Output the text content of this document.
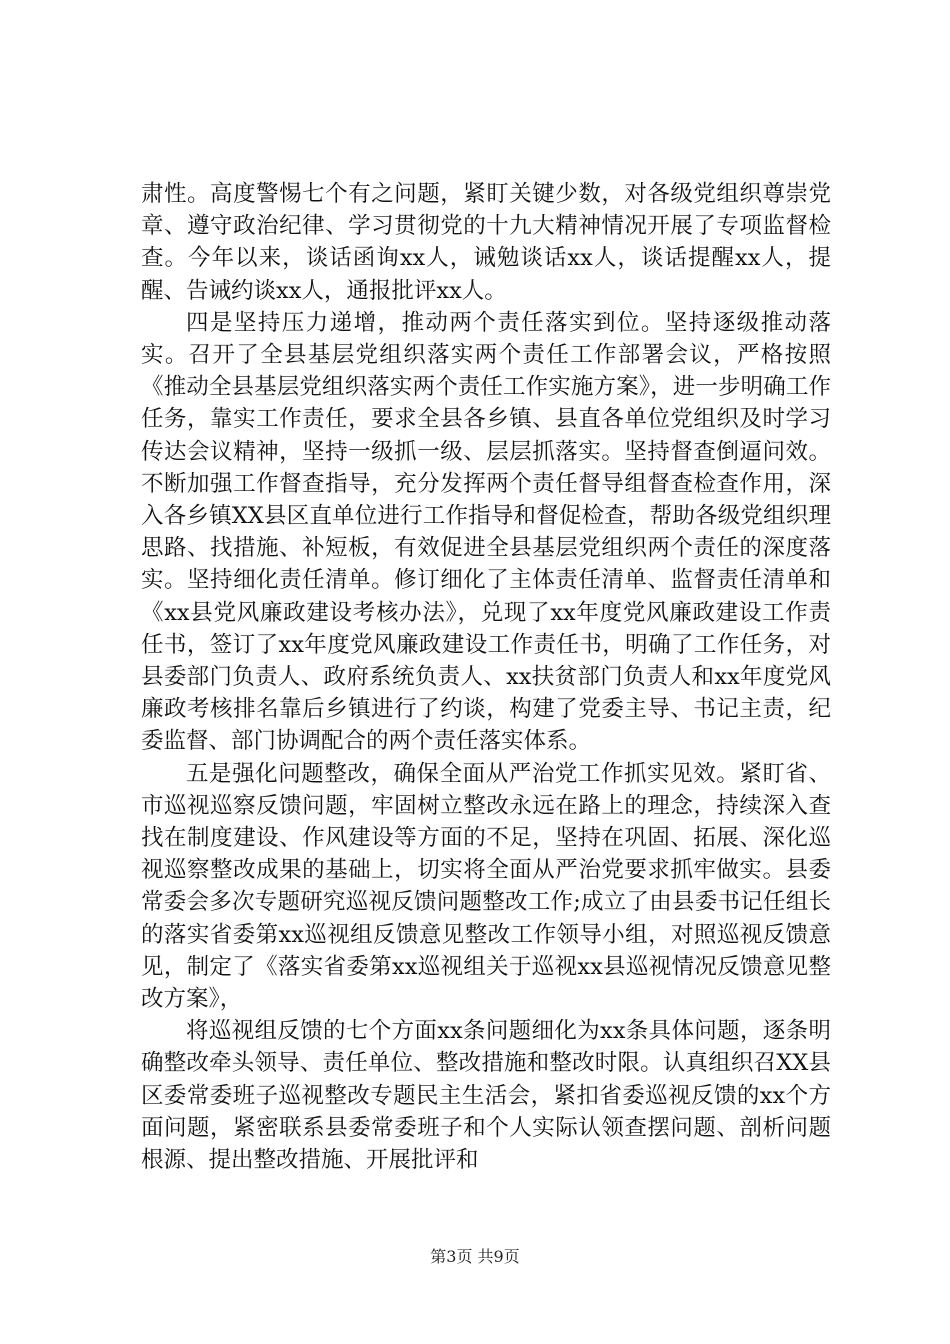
肃性。高度警惕七个有之问题，紧盯关键少数，对各级党组织尊崇党章、遵守政治纪律、学习贯彻党的十九大精神情况开展了专项监督检查。今年以来，谈话函询xx人，诫勉谈话xx人，谈话提醒xx人，提醒、告诫约谈xx人，通报批评xx人。

四是坚持压力递增，推动两个责任落实到位。坚持逐级推动落实。召开了全县基层党组织落实两个责任工作部署会议，严格按照《推动全县基层党组织落实两个责任工作实施方案》，进一步明确工作任务，靠实工作责任，要求全县各乡镇、县直各单位党组织及时学习传达会议精神，坚持一级抓一级、层层抓落实。坚持督查倒逼问效。不断加强工作督查指导，充分发挥两个责任督导组督查检查作用，深入各乡镇XX县区直单位进行工作指导和督促检查，帮助各级党组织理思路、找措施、补短板，有效促进全县基层党组织两个责任的深度落实。坚持细化责任清单。修订细化了主体责任清单、监督责任清单和《xx县党风廉政建设考核办法》，兑现了xx年度党风廉政建设工作责任书，签订了xx年度党风廉政建设工作责任书，明确了工作任务，对县委部门负责人、政府系统负责人、xx扶贫部门负责人和xx年度党风廉政考核排名靠后乡镇进行了约谈，构建了党委主导、书记主责，纪委监督、部门协调配合的两个责任落实体系。

五是强化问题整改，确保全面从严治党工作抓实见效。紧盯省、市巡视巡察反馈问题，牢固树立整改永远在路上的理念，持续深入查找在制度建设、作风建设等方面的不足，坚持在巩固、拓展、深化巡视巡察整改成果的基础上，切实将全面从严治党要求抓牢做实。县委常委会多次专题研究巡视反馈问题整改工作;成立了由县委书记任组长的落实省委第xx巡视组反馈意见整改工作领导小组，对照巡视反馈意见，制定了《落实省委第xx巡视组关于巡视xx县巡视情况反馈意见整改方案》，

将巡视组反馈的七个方面xx条问题细化为xx条具体问题，逐条明确整改牵头领导、责任单位、整改措施和整改时限。认真组织召XX县区委常委班子巡视整改专题民主生活会，紧扣省委巡视反馈的xx个方面问题，紧密联系县委常委班子和个人实际认领查摆问题、剖析问题根源、提出整改措施、开展批评和

第3页 共9页
